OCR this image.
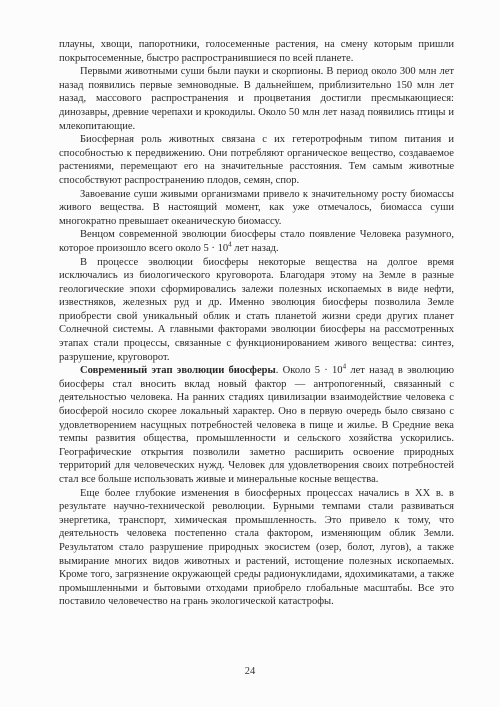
плауны, хвощи, папоротники, голосеменные растения, на смену которым пришли покрытосеменные, быстро распространившиеся по всей планете.

Первыми животными суши были пауки и скорпионы. В период около 300 млн лет назад появились первые земноводные. В дальнейшем, приблизительно 150 млн лет назад, массового распространения и процветания достигли пресмыкающиеся: динозавры, древние черепахи и крокодилы. Около 50 млн лет назад появились птицы и млекопитающие.

Биосферная роль животных связана с их гетеротрофным типом питания и способностью к передвижению. Они потребляют органическое вещество, создаваемое растениями, перемещают его на значительные расстояния. Тем самым животные способствуют распространению плодов, семян, спор.

Завоевание суши живыми организмами привело к значительному росту биомассы живого вещества. В настоящий момент, как уже отмечалось, биомасса суши многократно превышает океаническую биомассу.

Венцом современной эволюции биосферы стало появление Человека разумного, которое произошло всего около $5 \cdot 10^4$ лет назад.

В процессе эволюции биосферы некоторые вещества на долгое время исключались из биологического круговорота. Благодаря этому на Земле в разные геологические эпохи сформировались залежи полезных ископаемых в виде нефти, известняков, железных руд и др. Именно эволюция биосферы позволила Земле приобрести свой уникальный облик и стать планетой жизни среди других планет Солнечной системы. А главными факторами эволюции биосферы на рассмотренных этапах стали процессы, связанные с функционированием живого вещества: синтез, разрушение, круговорот.

Современный этап эволюции биосферы. Около $5 \cdot 10^4$ лет назад в эволюцию биосферы стал вносить вклад новый фактор — антропогенный, связанный с деятельностью человека. На ранних стадиях цивилизации взаимодействие человека с биосферой носило скорее локальный характер. Оно в первую очередь было связано с удовлетворением насущных потребностей человека в пище и жилье. В Средние века темпы развития общества, промышленности и сельского хозяйства ускорились. Географические открытия позволили заметно расширить освоение природных территорий для человеческих нужд. Человек для удовлетворения своих потребностей стал все больше использовать живые и минеральные косные вещества.

Еще более глубокие изменения в биосферных процессах начались в XX в. в результате научно-технической революции. Бурными темпами стали развиваться энергетика, транспорт, химическая промышленность. Это привело к тому, что деятельность человека постепенно стала фактором, изменяющим облик Земли. Результатом стало разрушение природных экосистем (озер, болот, лугов), а также вымирание многих видов животных и растений, истощение полезных ископаемых. Кроме того, загрязнение окружающей среды радионуклидами, ядохимикатами, а также промышленными и бытовыми отходами приобрело глобальные масштабы. Все это поставило человечество на грань экологической катастрофы.

24
